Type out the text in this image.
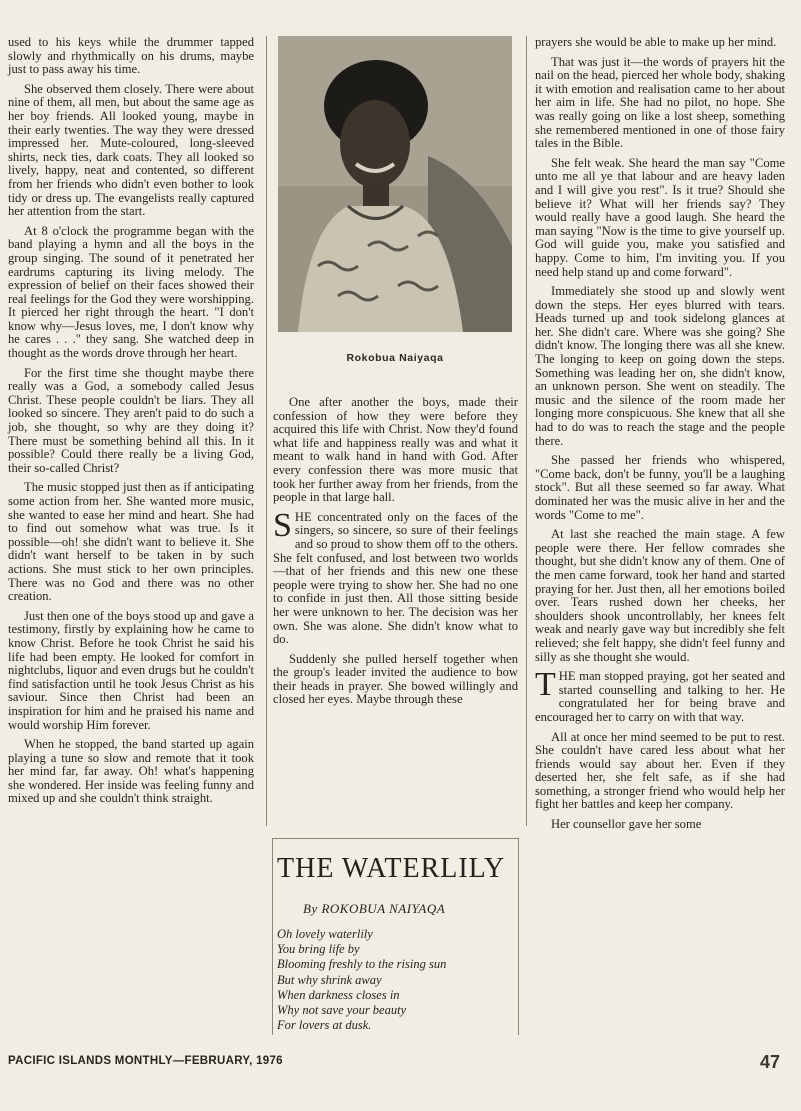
used to his keys while the drummer tapped slowly and rhythmically on his drums, maybe just to pass away his time.

She observed them closely. There were about nine of them, all men, but about the same age as her boy friends. All looked young, maybe in their early twenties. The way they were dressed impressed her. Mute-coloured, long-sleeved shirts, neck ties, dark coats. They all looked so lively, happy, neat and contented, so different from her friends who didn't even bother to look tidy or dress up. The evangelists really captured her attention from the start.

At 8 o'clock the programme began with the band playing a hymn and all the boys in the group singing. The sound of it penetrated her eardrums capturing its living melody. The expression of belief on their faces showed their real feelings for the God they were worshipping. It pierced her right through the heart. "I don't know why—Jesus loves, me, I don't know why he cares . . ." they sang. She watched deep in thought as the words drove through her heart.

For the first time she thought maybe there really was a God, a somebody called Jesus Christ. These people couldn't be liars. They all looked so sincere. They aren't paid to do such a job, she thought, so why are they doing it? There must be something behind all this. In it possible? Could there really be a living God, their so-called Christ?

The music stopped just then as if anticipating some action from her. She wanted more music, she wanted to ease her mind and heart. She had to find out somehow what was true. Is it possible—oh! she didn't want to believe it. She didn't want herself to be taken in by such actions. She must stick to her own principles. There was no God and there was no other creation.

Just then one of the boys stood up and gave a testimony, firstly by explaining how he came to know Christ. Before he took Christ he said his life had been empty. He looked for comfort in nightclubs, liquor and even drugs but he couldn't find satisfaction until he took Jesus Christ as his saviour. Since then Christ had been an inspiration for him and he praised his name and would worship Him forever.

When he stopped, the band started up again playing a tune so slow and remote that it took her mind far, far away. Oh! what's happening she wondered. Her inside was feeling funny and mixed up and she couldn't think straight.

Rokobua Naiyaqa

One after another the boys, made their confession of how they were before they acquired this life with Christ. Now they'd found what life and happiness really was and what it meant to walk hand in hand with God. After every confession there was more music that took her further away from her friends, from the people in that large hall.

SHE concentrated only on the faces of the singers, so sincere, so sure of their feelings and so proud to show them off to the others. She felt confused, and lost between two worlds—that of her friends and this new one these people were trying to show her. She had no one to confide in just then. All those sitting beside her were unknown to her. The decision was her own. She was alone. She didn't know what to do.

Suddenly she pulled herself together when the group's leader invited the audience to bow their heads in prayer. She bowed willingly and closed her eyes. Maybe through these

THE WATERLILY
By ROKOBUA NAIYAQA
Oh lovely waterlily
You bring life by
Blooming freshly to the rising sun
But why shrink away
When darkness closes in
Why not save your beauty
For lovers at dusk.

prayers she would be able to make up her mind.

That was just it—the words of prayers hit the nail on the head, pierced her whole body, shaking it with emotion and realisation came to her about her aim in life. She had no pilot, no hope. She was really going on like a lost sheep, something she remembered mentioned in one of those fairy tales in the Bible.

She felt weak. She heard the man say "Come unto me all ye that labour and are heavy laden and I will give you rest". Is it true? Should she believe it? What will her friends say? They would really have a good laugh. She heard the man saying "Now is the time to give yourself up. God will guide you, make you satisfied and happy. Come to him, I'm inviting you. If you need help stand up and come forward".

Immediately she stood up and slowly went down the steps. Her eyes blurred with tears. Heads turned up and took sidelong glances at her. She didn't care. Where was she going? She didn't know. The longing there was all she knew. The longing to keep on going down the steps. Something was leading her on, she didn't know, an unknown person. She went on steadily. The music and the silence of the room made her longing more conspicuous. She knew that all she had to do was to reach the stage and the people there.

She passed her friends who whispered, "Come back, don't be funny, you'll be a laughing stock". But all these seemed so far away. What dominated her was the music alive in her and the words "Come to me".

At last she reached the main stage. A few people were there. Her fellow comrades she thought, but she didn't know any of them. One of the men came forward, took her hand and started praying for her. Just then, all her emotions boiled over. Tears rushed down her cheeks, her shoulders shook uncontrollably, her knees felt weak and nearly gave way but incredibly she felt relieved; she felt happy, she didn't feel funny and silly as she thought she would.

THE man stopped praying, got her seated and started counselling and talking to her. He congratulated her for being brave and encouraged her to carry on with that way.

All at once her mind seemed to be put to rest. She couldn't have cared less about what her friends would say about her. Even if they deserted her, she felt safe, as if she had something, a stronger friend who would help her fight her battles and keep her company.

Her counsellor gave her some

PACIFIC ISLANDS MONTHLY—FEBRUARY, 1976	47
